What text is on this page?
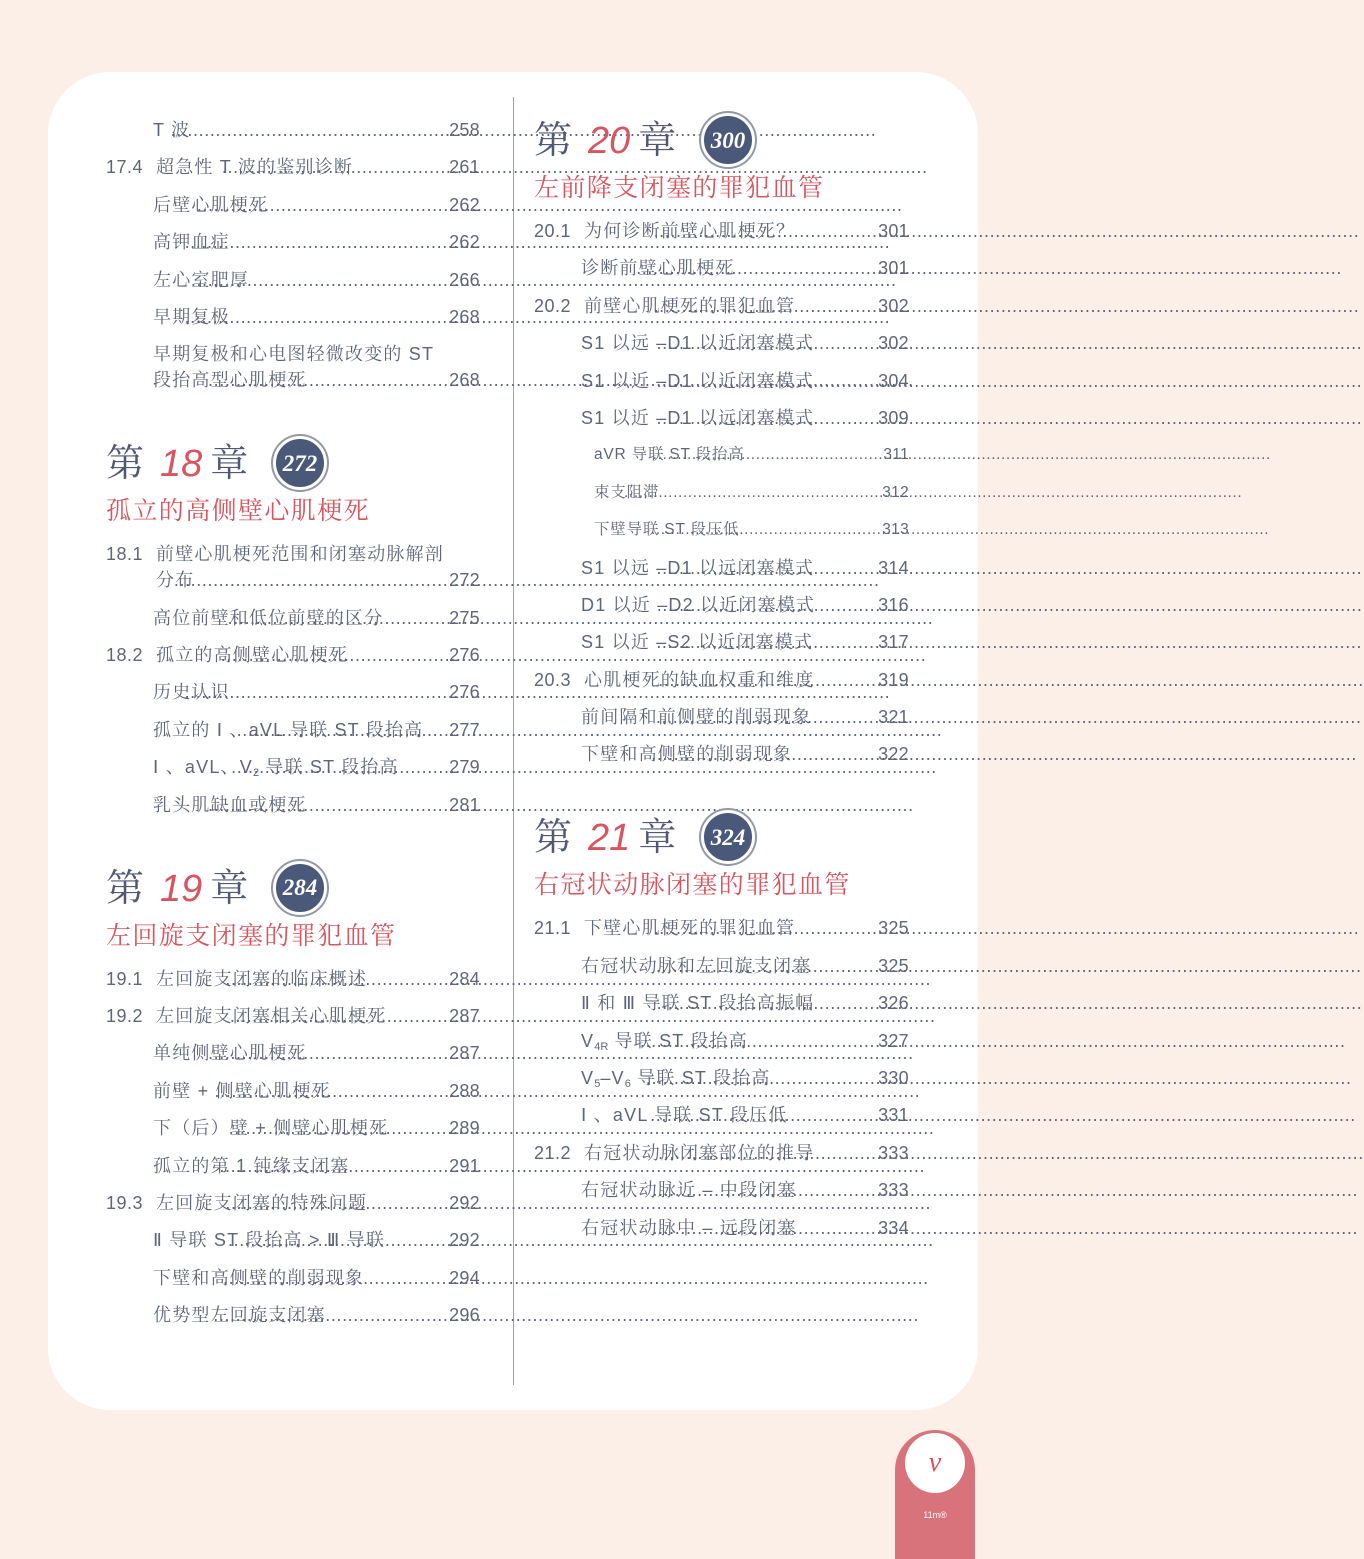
T 波 .....	258
17.4 超急性 T 波的鉴别诊断 .....	261
后壁心肌梗死 .....	262
高钾血症 .....	262
左心室肥厚 .....	266
早期复极 .....	268
早期复极和心电图轻微改变的 ST
段抬高型心肌梗死 .....	268
第 18 章 272
孤立的高侧壁心肌梗死
18.1 前壁心肌梗死范围和闭塞动脉解剖
分布 .....	272
高位前壁和低位前壁的区分 .....	275
18.2 孤立的高侧壁心肌梗死 .....	276
历史认识 .....	276
孤立的 Ⅰ 、aVL 导联 ST 段抬高 ..... 277
Ⅰ 、aVL、$V_2$ 导联 ST 段抬高 .....	279
乳头肌缺血或梗死 .....	281
第 19 章 284
左回旋支闭塞的罪犯血管
19.1 左回旋支闭塞的临床概述 .....	284
19.2 左回旋支闭塞相关心肌梗死 .....	287
单纯侧壁心肌梗死 .....	287
前壁 + 侧壁心肌梗死 .....	288
下（后）壁 + 侧壁心肌梗死 .....	289
孤立的第 1 钝缘支闭塞 .....	291
19.3 左回旋支闭塞的特殊问题 .....	292
Ⅱ 导联 ST 段抬高 > Ⅲ 导联 .....	292
下壁和高侧壁的削弱现象 .....	294
优势型左回旋支闭塞 .....	296
第 20 章 300
左前降支闭塞的罪犯血管
20.1 为何诊断前壁心肌梗死？ .....	301
诊断前壁心肌梗死 .....	301
20.2 前壁心肌梗死的罪犯血管 .....	302
S1 以远 –D1 以近闭塞模式 .....	302
S1 以近 –D1 以近闭塞模式 .....	304
S1 以近 –D1 以远闭塞模式 .....	309
aVR 导联 ST 段抬高 .....	311
束支阻滞 .....	312
下壁导联 ST 段压低 .....	313
S1 以远 –D1 以远闭塞模式 .....	314
D1 以近 –D2 以近闭塞模式 .....	316
S1 以近 –S2 以近闭塞模式 .....	317
20.3 心肌梗死的缺血权重和维度 .....	319
前间隔和前侧壁的削弱现象 .....	321
下壁和高侧壁的削弱现象 .....	322
第 21 章 324
右冠状动脉闭塞的罪犯血管
21.1 下壁心肌梗死的罪犯血管 .....	325
右冠状动脉和左回旋支闭塞 .....	325
Ⅱ 和 Ⅲ 导联 ST 段抬高振幅 .....	326
$V_{4R}$ 导联 ST 段抬高 .....	327
$V_5-V_6$ 导联 ST 段抬高 .....	330
Ⅰ 、aVL 导联 ST 段压低 .....	331
21.2 右冠状动脉闭塞部位的推导 .....	333
右冠状动脉近 – 中段闭塞 .....	333
右冠状动脉中 – 远段闭塞 .....	334
v
11m®
